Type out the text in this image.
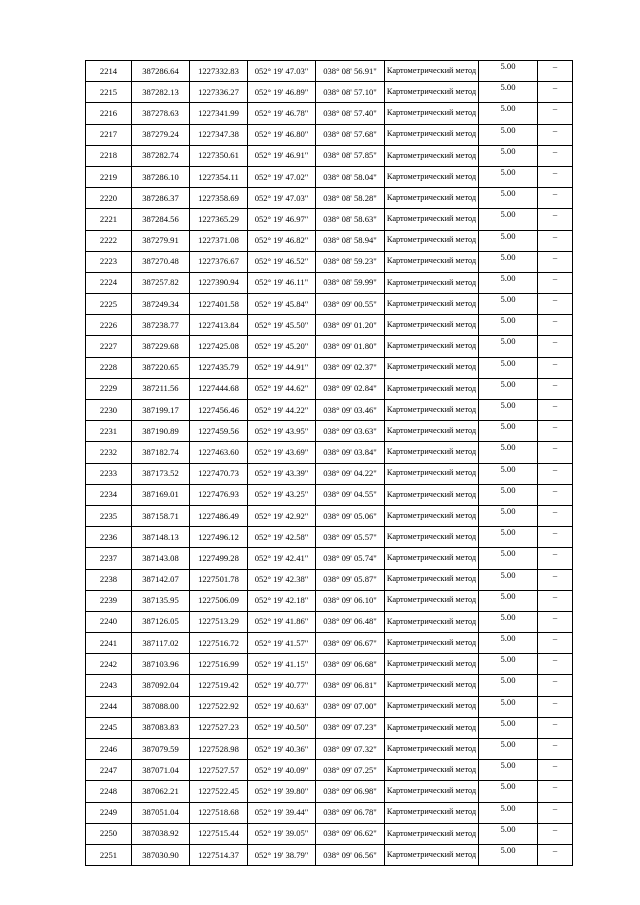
2214	387286.64	1227332.83	052° 19' 47.03"	038° 08' 56.91"	Картометрический метод	5.00	–
2215	387282.13	1227336.27	052° 19' 46.89"	038° 08' 57.10"	Картометрический метод	5.00	–
2216	387278.63	1227341.99	052° 19' 46.78"	038° 08' 57.40"	Картометрический метод	5.00	–
2217	387279.24	1227347.38	052° 19' 46.80"	038° 08' 57.68"	Картометрический метод	5.00	–
2218	387282.74	1227350.61	052° 19' 46.91"	038° 08' 57.85"	Картометрический метод	5.00	–
2219	387286.10	1227354.11	052° 19' 47.02"	038° 08' 58.04"	Картометрический метод	5.00	–
2220	387286.37	1227358.69	052° 19' 47.03"	038° 08' 58.28"	Картометрический метод	5.00	–
2221	387284.56	1227365.29	052° 19' 46.97"	038° 08' 58.63"	Картометрический метод	5.00	–
2222	387279.91	1227371.08	052° 19' 46.82"	038° 08' 58.94"	Картометрический метод	5.00	–
2223	387270.48	1227376.67	052° 19' 46.52"	038° 08' 59.23"	Картометрический метод	5.00	–
2224	387257.82	1227390.94	052° 19' 46.11"	038° 08' 59.99"	Картометрический метод	5.00	–
2225	387249.34	1227401.58	052° 19' 45.84"	038° 09' 00.55"	Картометрический метод	5.00	–
2226	387238.77	1227413.84	052° 19' 45.50"	038° 09' 01.20"	Картометрический метод	5.00	–
2227	387229.68	1227425.08	052° 19' 45.20"	038° 09' 01.80"	Картометрический метод	5.00	–
2228	387220.65	1227435.79	052° 19' 44.91"	038° 09' 02.37"	Картометрический метод	5.00	–
2229	387211.56	1227444.68	052° 19' 44.62"	038° 09' 02.84"	Картометрический метод	5.00	–
2230	387199.17	1227456.46	052° 19' 44.22"	038° 09' 03.46"	Картометрический метод	5.00	–
2231	387190.89	1227459.56	052° 19' 43.95"	038° 09' 03.63"	Картометрический метод	5.00	–
2232	387182.74	1227463.60	052° 19' 43.69"	038° 09' 03.84"	Картометрический метод	5.00	–
2233	387173.52	1227470.73	052° 19' 43.39"	038° 09' 04.22"	Картометрический метод	5.00	–
2234	387169.01	1227476.93	052° 19' 43.25"	038° 09' 04.55"	Картометрический метод	5.00	–
2235	387158.71	1227486.49	052° 19' 42.92"	038° 09' 05.06"	Картометрический метод	5.00	–
2236	387148.13	1227496.12	052° 19' 42.58"	038° 09' 05.57"	Картометрический метод	5.00	–
2237	387143.08	1227499.28	052° 19' 42.41"	038° 09' 05.74"	Картометрический метод	5.00	–
2238	387142.07	1227501.78	052° 19' 42.38"	038° 09' 05.87"	Картометрический метод	5.00	–
2239	387135.95	1227506.09	052° 19' 42.18"	038° 09' 06.10"	Картометрический метод	5.00	–
2240	387126.05	1227513.29	052° 19' 41.86"	038° 09' 06.48"	Картометрический метод	5.00	–
2241	387117.02	1227516.72	052° 19' 41.57"	038° 09' 06.67"	Картометрический метод	5.00	–
2242	387103.96	1227516.99	052° 19' 41.15"	038° 09' 06.68"	Картометрический метод	5.00	–
2243	387092.04	1227519.42	052° 19' 40.77"	038° 09' 06.81"	Картометрический метод	5.00	–
2244	387088.00	1227522.92	052° 19' 40.63"	038° 09' 07.00"	Картометрический метод	5.00	–
2245	387083.83	1227527.23	052° 19' 40.50"	038° 09' 07.23"	Картометрический метод	5.00	–
2246	387079.59	1227528.98	052° 19' 40.36"	038° 09' 07.32"	Картометрический метод	5.00	–
2247	387071.04	1227527.57	052° 19' 40.09"	038° 09' 07.25"	Картометрический метод	5.00	–
2248	387062.21	1227522.45	052° 19' 39.80"	038° 09' 06.98"	Картометрический метод	5.00	–
2249	387051.04	1227518.68	052° 19' 39.44"	038° 09' 06.78"	Картометрический метод	5.00	–
2250	387038.92	1227515.44	052° 19' 39.05"	038° 09' 06.62"	Картометрический метод	5.00	–
2251	387030.90	1227514.37	052° 19' 38.79"	038° 09' 06.56"	Картометрический метод	5.00	–
